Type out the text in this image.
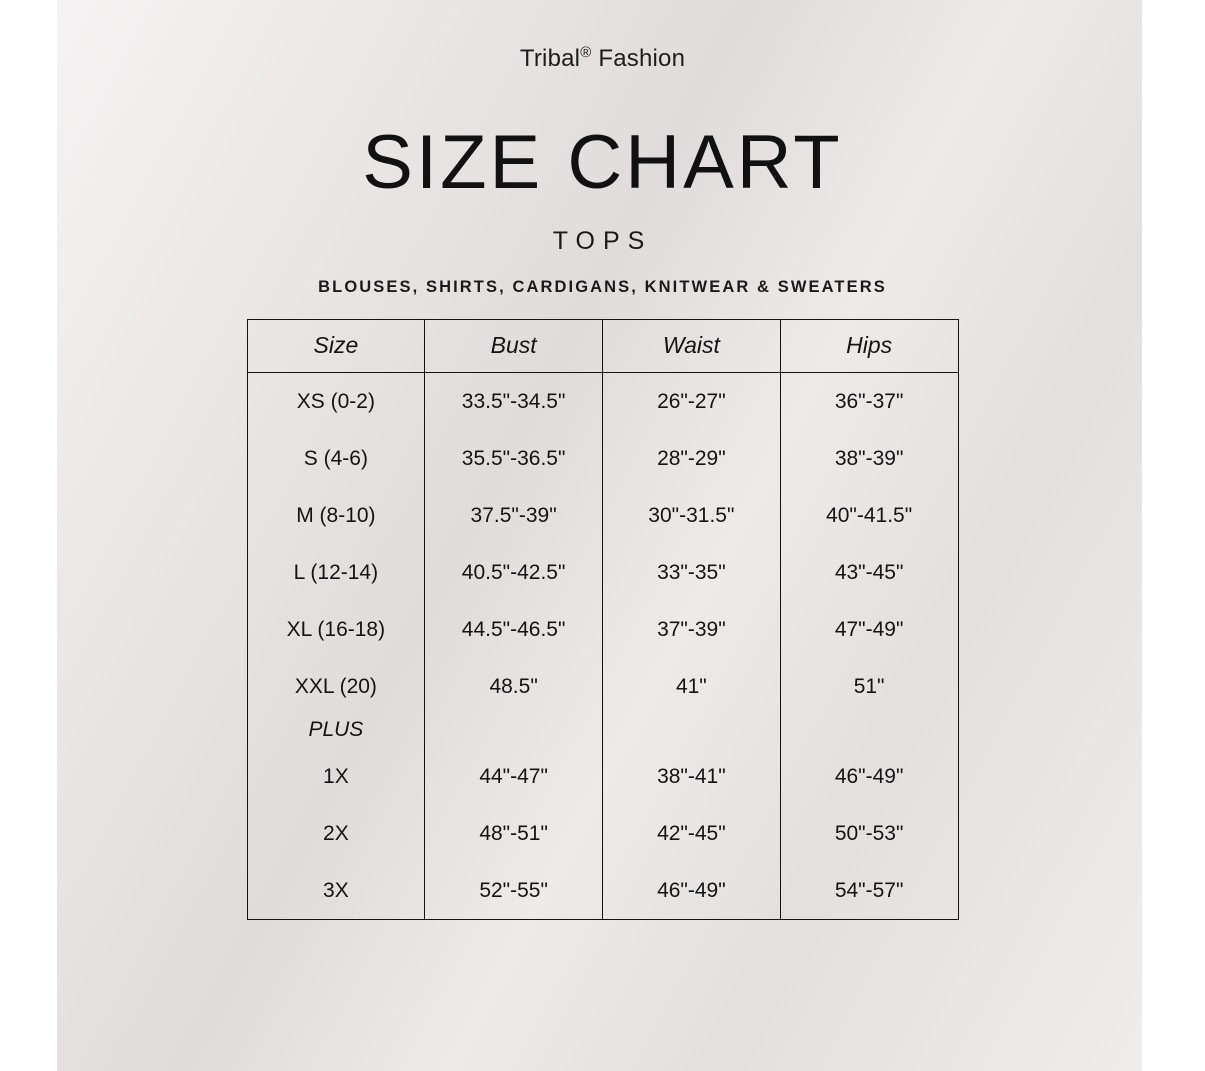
Tribal® Fashion
SIZE CHART
TOPS
BLOUSES, SHIRTS, CARDIGANS, KNITWEAR & SWEATERS
Size	Bust	Waist	Hips
XS (0-2)	33.5"-34.5"	26"-27"	36"-37"
S (4-6)	35.5"-36.5"	28"-29"	38"-39"
M (8-10)	37.5"-39"	30"-31.5"	40"-41.5"
L (12-14)	40.5"-42.5"	33"-35"	43"-45"
XL (16-18)	44.5"-46.5"	37"-39"	47"-49"
XXL (20)	48.5"	41"	51"
PLUS			
1X	44"-47"	38"-41"	46"-49"
2X	48"-51"	42"-45"	50"-53"
3X	52"-55"	46"-49"	54"-57"
